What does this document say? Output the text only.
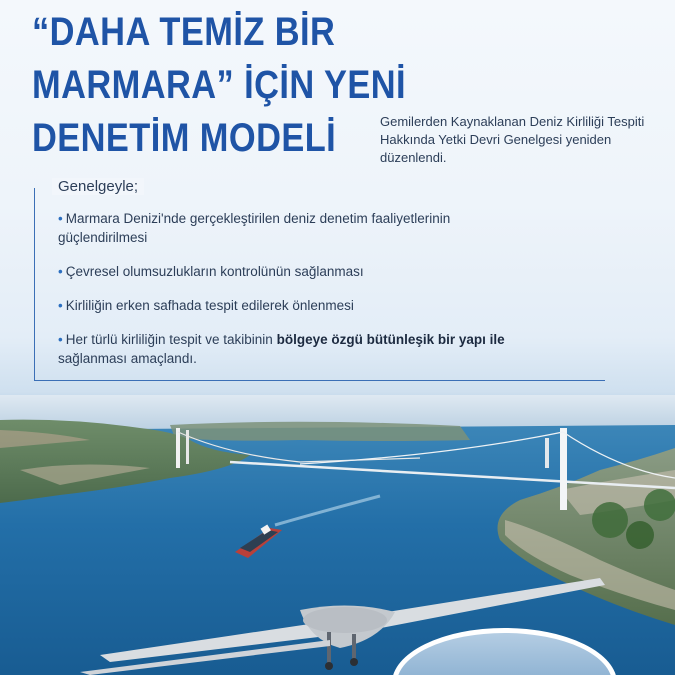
“DAHA TEMİZ BİR
MARMARA” İÇİN YENİ
DENETİM MODELİ	Gemilerden Kaynaklanan Deniz Kirliliği Tespiti Hakkında Yetki Devri Genelgesi yeniden düzenlendi.
Genelgeyle;
• Marmara Denizi'nde gerçekleştirilen deniz denetim faaliyetlerinin
güçlendirilmesi
• Çevresel olumsuzlukların kontrolünün sağlanması
• Kirliliğin erken safhada tespit edilerek önlenmesi
• Her türlü kirliliğin tespit ve takibinin bölgeye özgü bütünleşik bir yapı ile
sağlanması amaçlandı.
